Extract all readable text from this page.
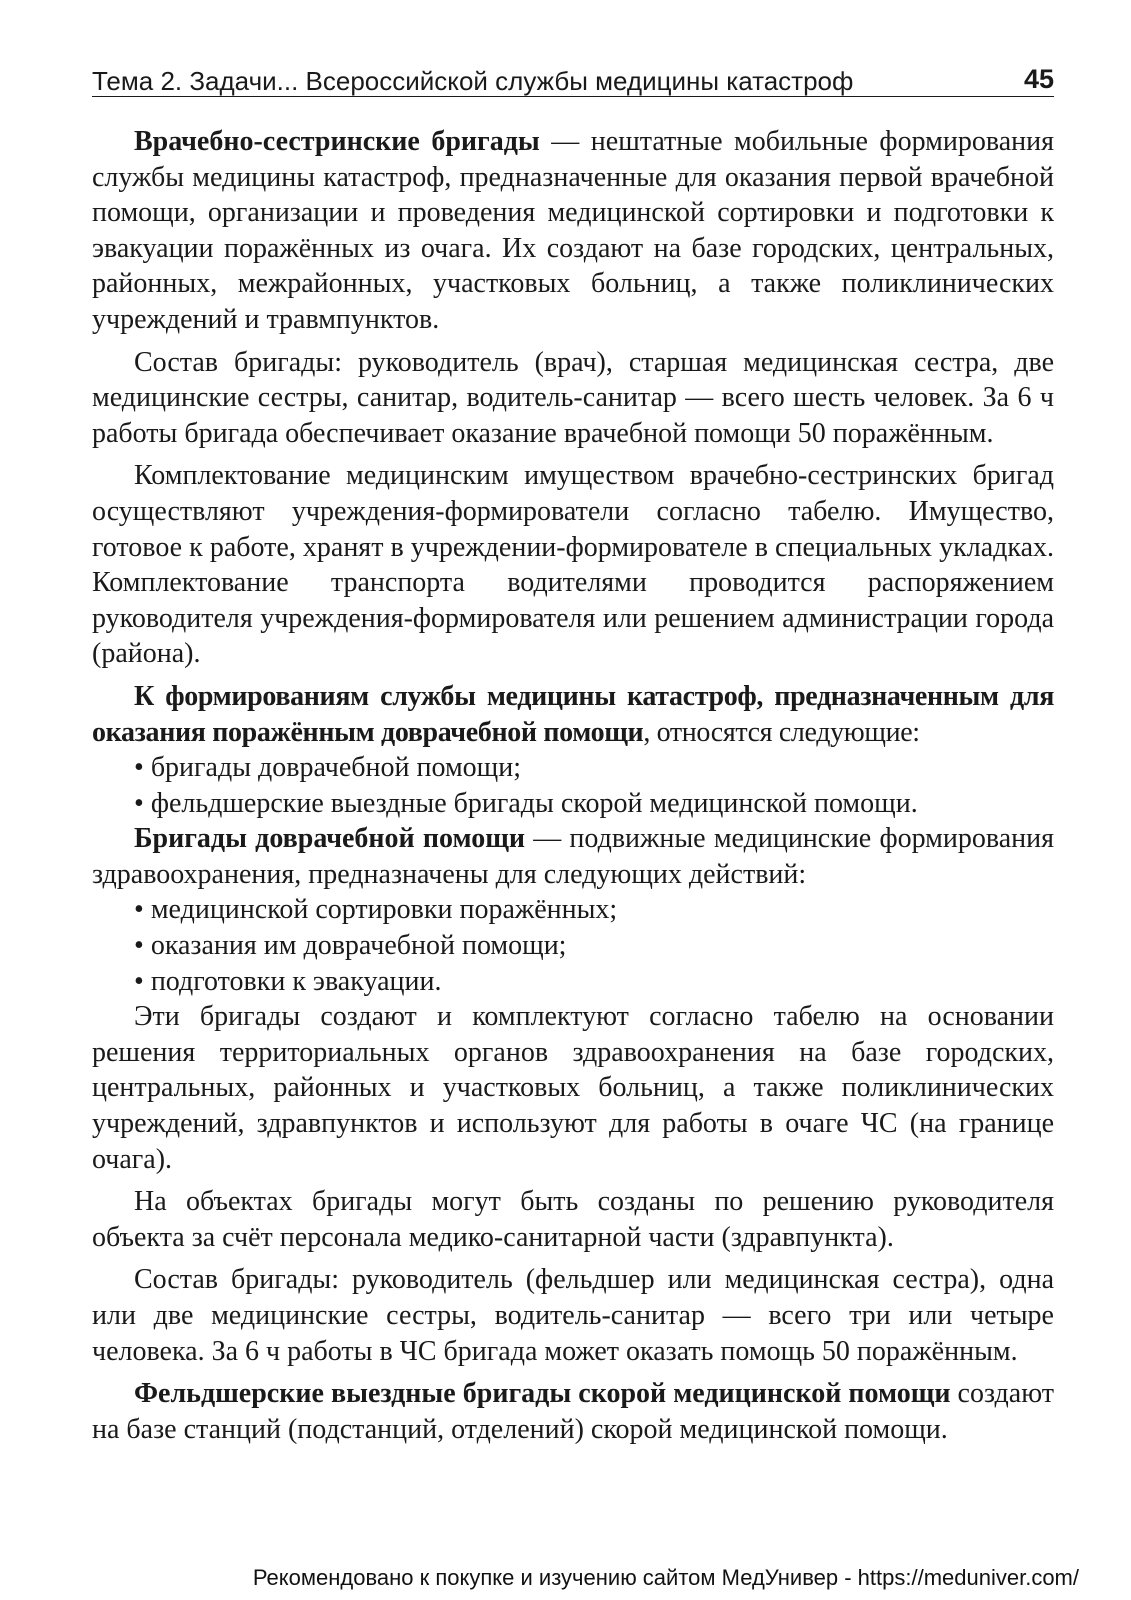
Тема 2. Задачи... Всероссийской службы медицины катастроф	45

Врачебно-сестринские бригады — нештатные мобильные формирования службы медицины катастроф, предназначенные для оказания первой врачебной помощи, организации и проведения медицинской сортировки и подготовки к эвакуации поражённых из очага. Их создают на базе городских, центральных, районных, межрайонных, участковых больниц, а также поликлинических учреждений и травмпунктов.

Состав бригады: руководитель (врач), старшая медицинская сестра, две медицинские сестры, санитар, водитель-санитар — всего шесть человек. За 6 ч работы бригада обеспечивает оказание врачебной помощи 50 поражённым.

Комплектование медицинским имуществом врачебно-сестринских бригад осуществляют учреждения-формирователи согласно табелю. Имущество, готовое к работе, хранят в учреждении-формирователе в специальных укладках. Комплектование транспорта водителями проводится распоряжением руководителя учреждения-формирователя или решением администрации города (района).

К формированиям службы медицины катастроф, предназначенным для оказания поражённым доврачебной помощи, относятся следующие:

• бригады доврачебной помощи;
• фельдшерские выездные бригады скорой медицинской помощи.

Бригады доврачебной помощи — подвижные медицинские формирования здравоохранения, предназначены для следующих действий:

• медицинской сортировки поражённых;
• оказания им доврачебной помощи;
• подготовки к эвакуации.

Эти бригады создают и комплектуют согласно табелю на основании решения территориальных органов здравоохранения на базе городских, центральных, районных и участковых больниц, а также поликлинических учреждений, здравпунктов и используют для работы в очаге ЧС (на границе очага).

На объектах бригады могут быть созданы по решению руководителя объекта за счёт персонала медико-санитарной части (здравпункта).

Состав бригады: руководитель (фельдшер или медицинская сестра), одна или две медицинские сестры, водитель-санитар — всего три или четыре человека. За 6 ч работы в ЧС бригада может оказать помощь 50 поражённым.

Фельдшерские выездные бригады скорой медицинской помощи создают на базе станций (подстанций, отделений) скорой медицинской помощи.

Рекомендовано к покупке и изучению сайтом МедУнивер - https://meduniver.com/
